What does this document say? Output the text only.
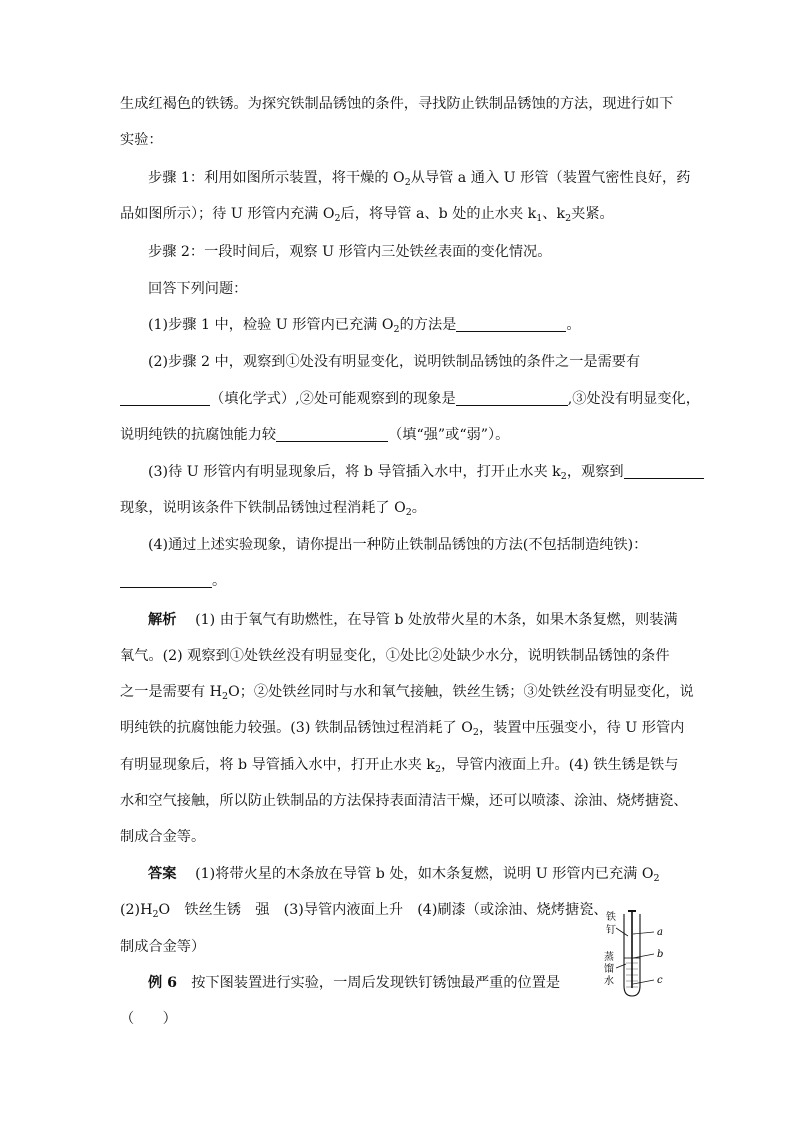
生成红褐色的铁锈。为探究铁制品锈蚀的条件，寻找防止铁制品锈蚀的方法，现进行如下
实验：
步骤 1：利用如图所示装置，将干燥的 $O_2$从导管 a 通入 U 形管（装置气密性良好，药
品如图所示）；待 U 形管内充满 $O_2$后，将导管 a、b 处的止水夹 $k_1$、$k_2$夹紧。
步骤 2：一段时间后，观察 U 形管内三处铁丝表面的变化情况。
回答下列问题：
(1)步骤 1 中，检验 U 形管内已充满 $O_2$的方法是	。
(2)步骤 2 中，观察到①处没有明显变化，说明铁制品锈蚀的条件之一是需要有
（填化学式）,②处可能观察到的现象是	,③处没有明显变化，
说明纯铁的抗腐蚀能力较	（填“强”或“弱”）。
(3)待 U 形管内有明显现象后，将 b 导管插入水中，打开止水夹 $k_2$，观察到
现象，说明该条件下铁制品锈蚀过程消耗了 $O_2$。
(4)通过上述实验现象，请你提出一种防止铁制品锈蚀的方法(不包括制造纯铁)：
。
解析　 (1) 由于氧气有助燃性，在导管 b 处放带火星的木条，如果木条复燃，则装满
氧气。(2) 观察到①处铁丝没有明显变化，①处比②处缺少水分，说明铁制品锈蚀的条件
之一是需要有 $H_2O$；②处铁丝同时与水和氧气接触，铁丝生锈；③处铁丝没有明显变化，说
明纯铁的抗腐蚀能力较强。(3) 铁制品锈蚀过程消耗了 $O_2$，装置中压强变小，待 U 形管内
有明显现象后，将 b 导管插入水中，打开止水夹 $k_2$，导管内液面上升。(4) 铁生锈是铁与
水和空气接触，所以防止铁制品的方法保持表面清洁干燥，还可以喷漆、涂油、烧烤搪瓷、
制成合金等。
答案　 (1)将带火星的木条放在导管 b 处，如木条复燃，说明 U 形管内已充满 $O_2$
$(2)H_2O$　铁丝生锈　强　(3)导管内液面上升　(4)刷漆（或涂油、烧烤搪瓷、
制成合金等）
例 6　 按下图装置进行实验，一周后发现铁钉锈蚀最严重的位置是
（　　）
铁
钉
蒸
馏
水
a
b
c
